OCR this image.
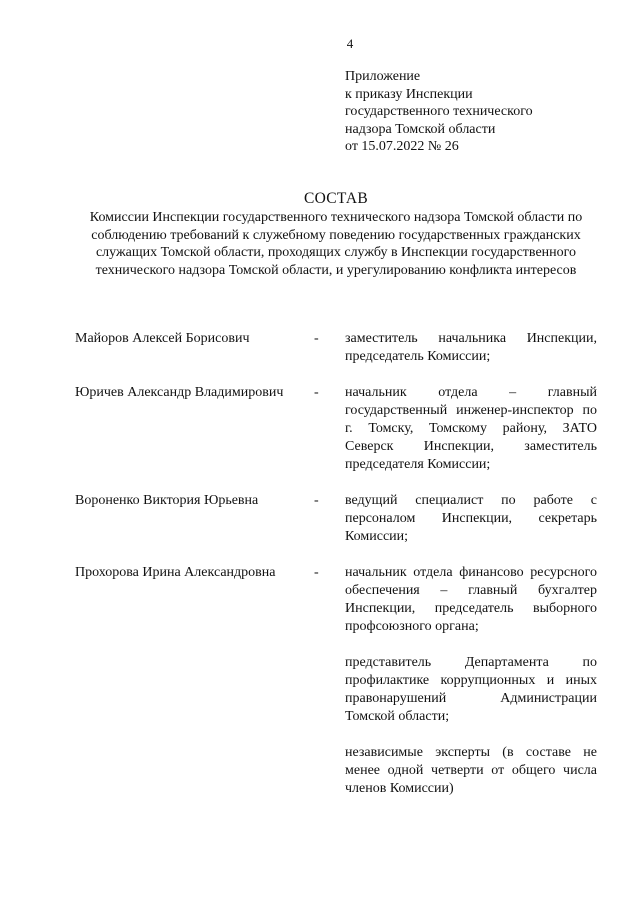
4
Приложение
к приказу Инспекции
государственного технического
надзора Томской области
от 15.07.2022 № 26
СОСТАВ
Комиссии Инспекции государственного технического надзора Томской области по соблюдению требований к служебному поведению государственных гражданских служащих Томской области, проходящих службу в Инспекции государственного технического надзора Томской области, и урегулированию конфликта интересов
Майоров Алексей Борисович	- заместитель начальника Инспекции, председатель Комиссии;
Юричев Александр Владимирович	- начальник отдела – главный государственный инженер-инспектор по г. Томску, Томскому району, ЗАТО Северск Инспекции, заместитель председателя Комиссии;
Вороненко Виктория Юрьевна	- ведущий специалист по работе с персоналом Инспекции, секретарь Комиссии;
Прохорова Ирина Александровна	- начальник отдела финансово ресурсного обеспечения – главный бухгалтер Инспекции, председатель выборного профсоюзного органа;
представитель Департамента по профилактике коррупционных и иных правонарушений Администрации Томской области;
независимые эксперты (в составе не менее одной четверти от общего числа членов Комиссии)
